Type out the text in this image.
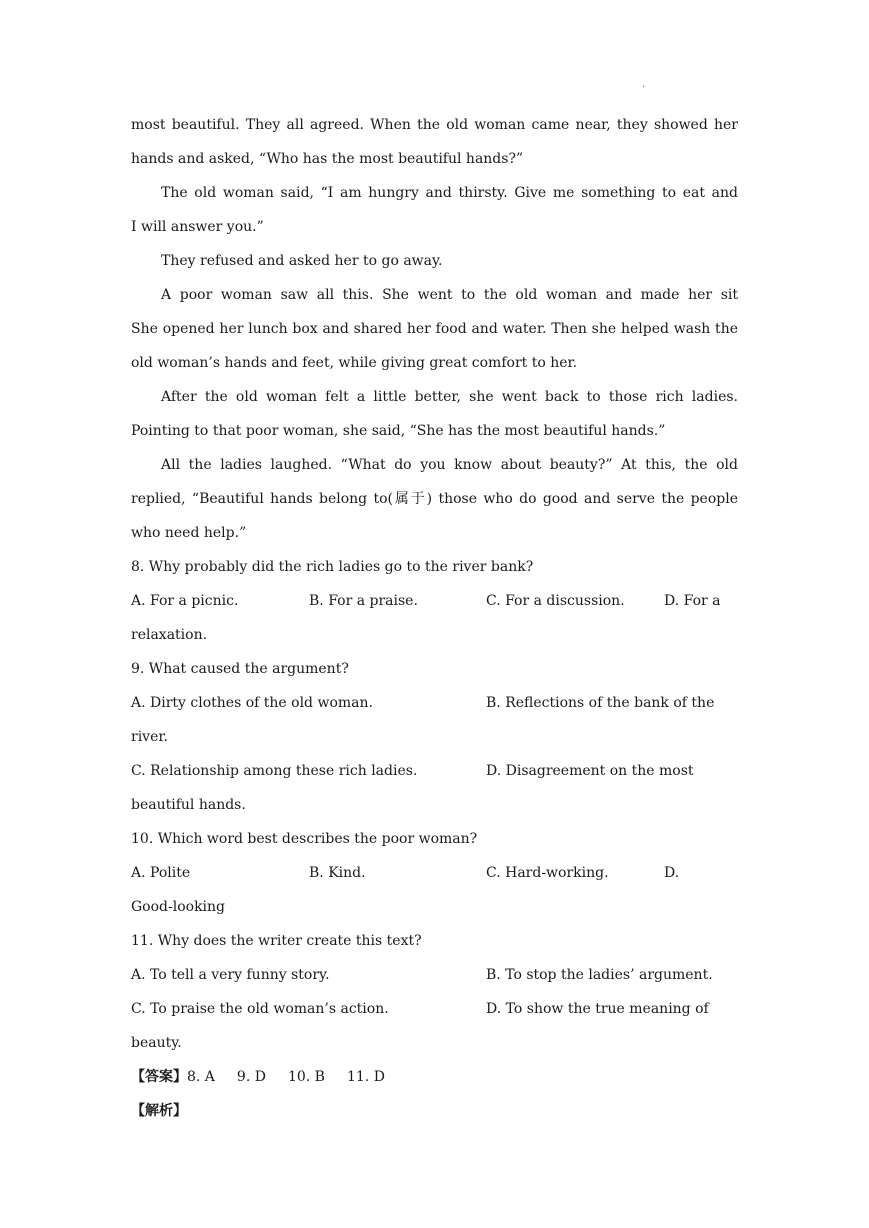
·
most beautiful. They all agreed. When the old woman came near, they showed her
hands and asked, “Who has the most beautiful hands?”
The old woman said, “I am hungry and thirsty. Give me something to eat and
I will answer you.”
They refused and asked her to go away.
A poor woman saw all this. She went to the old woman and made her sit
She opened her lunch box and shared her food and water. Then she helped wash the
old woman’s hands and feet, while giving great comfort to her.
After the old woman felt a little better, she went back to those rich ladies.
Pointing to that poor woman, she said, “She has the most beautiful hands.”
All the ladies laughed. “What do you know about beauty?” At this, the old
replied, “Beautiful hands belong to(属于) those who do good and serve the people
who need help.”
8. Why probably did the rich ladies go to the river bank?
A. For a picnic.	B. For a praise.	C. For a discussion.	D. For a
relaxation.
9. What caused the argument?
A. Dirty clothes of the old woman.	B. Reflections of the bank of the
river.
C. Relationship among these rich ladies.	D. Disagreement on the most
beautiful hands.
10. Which word best describes the poor woman?
A. Polite	B. Kind.	C. Hard-working.	D.
Good-looking
11. Why does the writer create this text?
A. To tell a very funny story.	B. To stop the ladies’ argument.
C. To praise the old woman’s action.	D. To show the true meaning of
beauty.
【答案】8. A 9. D 10. B 11. D
【解析】
